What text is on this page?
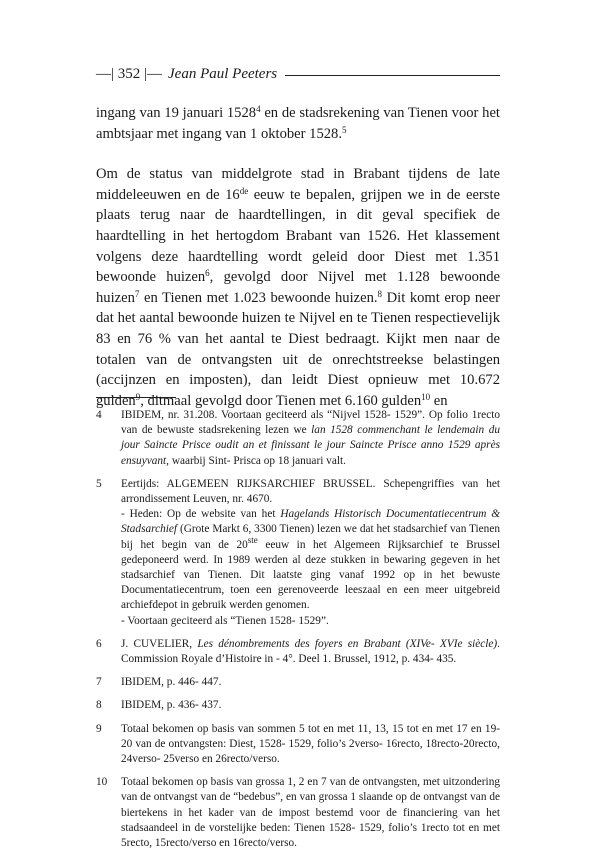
—| 352 |— Jean Paul Peeters

ingang van 19 januari 1528$^4$ en de stadsrekening van Tienen voor het ambtsjaar met ingang van 1 oktober 1528.$^5$

Om de status van middelgrote stad in Brabant tijdens de late middeleeuwen en de 16de eeuw te bepalen, grijpen we in de eerste plaats terug naar de haardtellingen, in dit geval specifiek de haardtelling in het hertogdom Brabant van 1526. Het klassement volgens deze haardtelling wordt geleid door Diest met 1.351 bewoonde huizen$^6$, gevolgd door Nijvel met 1.128 bewoonde huizen$^7$ en Tienen met 1.023 bewoonde huizen.$^8$ Dit komt erop neer dat het aantal bewoonde huizen te Nijvel en te Tienen respectievelijk 83 en 76 % van het aantal te Diest bedraagt. Kijkt men naar de totalen van de ontvangsten uit de onrechtstreekse belastingen (accijnzen en imposten), dan leidt Diest opnieuw met 10.672 gulden$^9$, ditmaal gevolgd door Tienen met 6.160 gulden$^{10}$ en

4	IBIDEM, nr. 31.208. Voortaan geciteerd als “Nijvel 1528- 1529”. Op folio 1recto van de bewuste stadsrekening lezen we lan 1528 commenchant le lendemain du jour Saincte Prisce oudit an et finissant le jour Saincte Prisce anno 1529 après ensuyvant, waarbij Sint- Prisca op 18 januari valt.
5	Eertijds: ALGEMEEN RIJKSARCHIEF BRUSSEL. Schepengriffies van het arrondissement Leuven, nr. 4670.
- Heden: Op de website van het Hagelands Historisch Documentatiecentrum & Stadsarchief (Grote Markt 6, 3300 Tienen) lezen we dat het stadsarchief van Tienen bij het begin van de 20ste eeuw in het Algemeen Rijksarchief te Brussel gedeponeerd werd. In 1989 werden al deze stukken in bewaring gegeven in het stadsarchief van Tienen. Dit laatste ging vanaf 1992 op in het bewuste Documentatiecentrum, toen een gerenoveerde leeszaal en een meer uitgebreid archiefdepot in gebruik werden genomen.
- Voortaan geciteerd als “Tienen 1528- 1529”.
6	J. CUVELIER, Les dénombrements des foyers en Brabant (XIVe- XVIe siècle). Commission Royale d’Histoire in - 4°. Deel 1. Brussel, 1912, p. 434- 435.
7	IBIDEM, p. 446- 447.
8	IBIDEM, p. 436- 437.
9	Totaal bekomen op basis van sommen 5 tot en met 11, 13, 15 tot en met 17 en 19- 20 van de ontvangsten: Diest, 1528- 1529, folio’s 2verso- 16recto, 18recto-20recto, 24verso- 25verso en 26recto/verso.
10	Totaal bekomen op basis van grossa 1, 2 en 7 van de ontvangsten, met uitzondering van de ontvangst van de “bedebus”, en van grossa 1 slaande op de ontvangst van de biertekens in het kader van de impost bestemd voor de financiering van het stadsaandeel in de vorstelijke beden: Tienen 1528- 1529, folio’s 1recto tot en met 5recto, 15recto/verso en 16recto/verso.
